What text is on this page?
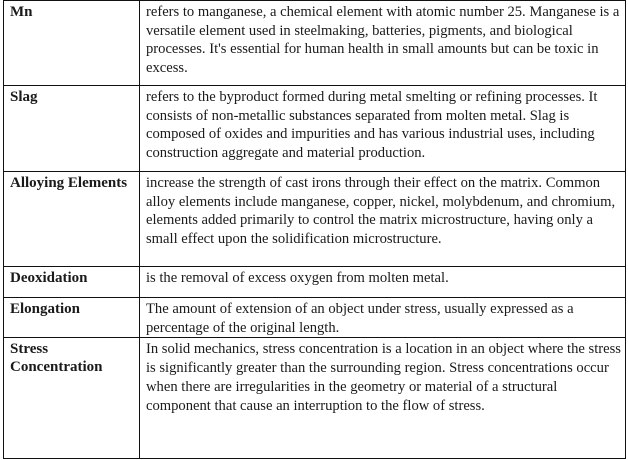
Mn	refers to manganese, a chemical element with atomic number 25. Manganese is a versatile element used in steelmaking, batteries, pigments, and biological processes. It's essential for human health in small amounts but can be toxic in excess.
Slag	refers to the byproduct formed during metal smelting or refining processes. It consists of non-metallic substances separated from molten metal. Slag is composed of oxides and impurities and has various industrial uses, including construction aggregate and material production.
Alloying Elements	increase the strength of cast irons through their effect on the matrix. Common alloy elements include manganese, copper, nickel, molybdenum, and chromium, elements added primarily to control the matrix microstructure, having only a small effect upon the solidification microstructure.
Deoxidation	is the removal of excess oxygen from molten metal.
Elongation	The amount of extension of an object under stress, usually expressed as a percentage of the original length.
Stress Concentration	In solid mechanics, stress concentration is a location in an object where the stress is significantly greater than the surrounding region. Stress concentrations occur when there are irregularities in the geometry or material of a structural component that cause an interruption to the flow of stress.
